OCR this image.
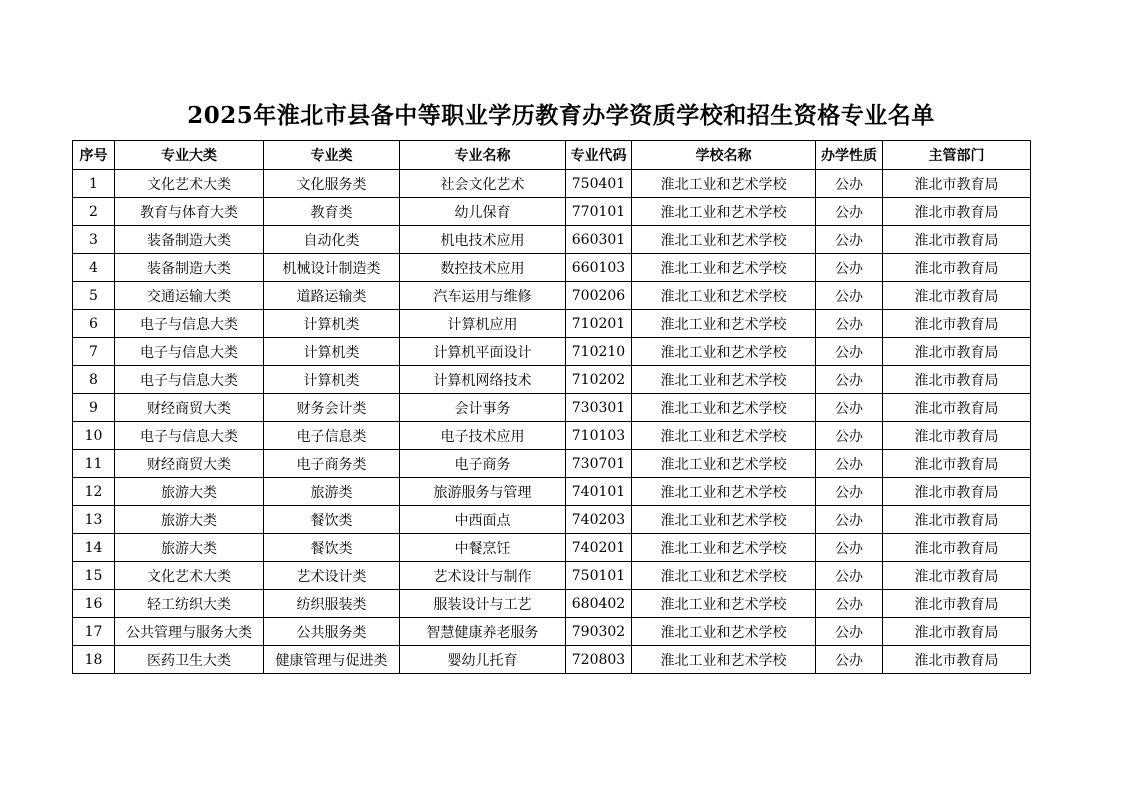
2025年淮北市县备中等职业学历教育办学资质学校和招生资格专业名单
序号	专业大类	专业类	专业名称	专业代码	学校名称	办学性质	主管部门
1	文化艺术大类	文化服务类	社会文化艺术	750401	淮北工业和艺术学校	公办	淮北市教育局
2	教育与体育大类	教育类	幼儿保育	770101	淮北工业和艺术学校	公办	淮北市教育局
3	装备制造大类	自动化类	机电技术应用	660301	淮北工业和艺术学校	公办	淮北市教育局
4	装备制造大类	机械设计制造类	数控技术应用	660103	淮北工业和艺术学校	公办	淮北市教育局
5	交通运输大类	道路运输类	汽车运用与维修	700206	淮北工业和艺术学校	公办	淮北市教育局
6	电子与信息大类	计算机类	计算机应用	710201	淮北工业和艺术学校	公办	淮北市教育局
7	电子与信息大类	计算机类	计算机平面设计	710210	淮北工业和艺术学校	公办	淮北市教育局
8	电子与信息大类	计算机类	计算机网络技术	710202	淮北工业和艺术学校	公办	淮北市教育局
9	财经商贸大类	财务会计类	会计事务	730301	淮北工业和艺术学校	公办	淮北市教育局
10	电子与信息大类	电子信息类	电子技术应用	710103	淮北工业和艺术学校	公办	淮北市教育局
11	财经商贸大类	电子商务类	电子商务	730701	淮北工业和艺术学校	公办	淮北市教育局
12	旅游大类	旅游类	旅游服务与管理	740101	淮北工业和艺术学校	公办	淮北市教育局
13	旅游大类	餐饮类	中西面点	740203	淮北工业和艺术学校	公办	淮北市教育局
14	旅游大类	餐饮类	中餐烹饪	740201	淮北工业和艺术学校	公办	淮北市教育局
15	文化艺术大类	艺术设计类	艺术设计与制作	750101	淮北工业和艺术学校	公办	淮北市教育局
16	轻工纺织大类	纺织服装类	服装设计与工艺	680402	淮北工业和艺术学校	公办	淮北市教育局
17	公共管理与服务大类	公共服务类	智慧健康养老服务	790302	淮北工业和艺术学校	公办	淮北市教育局
18	医药卫生大类	健康管理与促进类	婴幼儿托育	720803	淮北工业和艺术学校	公办	淮北市教育局
